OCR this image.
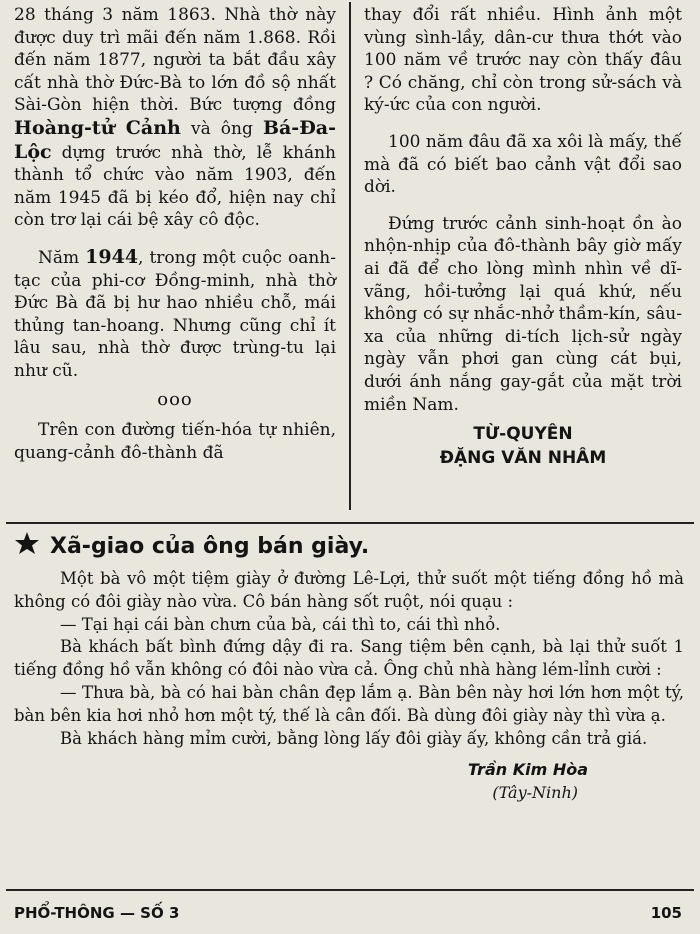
28 tháng 3 năm 1863. Nhà thờ này được duy trì mãi đến năm 1.868. Rồi đến năm 1877, người ta bắt đầu xây cất nhà thờ Đức-Bà to lớn đồ sộ nhất Sài-Gòn hiện thời. Bức tượng đồng Hoàng-tử Cảnh và ông Bá-Đa-Lộc dựng trước nhà thờ, lễ khánh thành tổ chức vào năm 1903, đến năm 1945 đã bị kéo đổ, hiện nay chỉ còn trơ lại cái bệ xây cô độc.

Năm 1944, trong một cuộc oanh-tạc của phi-cơ Đồng-minh, nhà thờ Đức Bà đã bị hư hao nhiều chỗ, mái thủng tan-hoang. Nhưng cũng chỉ ít lâu sau, nhà thờ được trùng-tu lại như cũ.

ooo

Trên con đường tiến-hóa tự nhiên, quang-cảnh đô-thành đã

thay đổi rất nhiều. Hình ảnh một vùng sình-lầy, dân-cư thưa thớt vào 100 năm về trước nay còn thấy đâu ? Có chăng, chỉ còn trong sử-sách và ký-ức của con người.

100 năm đâu đã xa xôi là mấy, thế mà đã có biết bao cảnh vật đổi sao dời.

Đứng trước cảnh sinh-hoạt ồn ào nhộn-nhịp của đô-thành bây giờ mấy ai đã để cho lòng mình nhìn về dĩ-vãng, hồi-tưởng lại quá khứ, nếu không có sự nhắc-nhở thầm-kín, sâu-xa của những di-tích lịch-sử ngày ngày vẫn phơi gan cùng cát bụi, dưới ánh nắng gay-gắt của mặt trời miền Nam.

TỪ-QUYÊN
ĐẶNG VĂN NHÂM
Xã-giao của ông bán giày.

Một bà vô một tiệm giày ở đường Lê-Lợi, thử suốt một tiếng đồng hồ mà không có đôi giày nào vừa. Cô bán hàng sốt ruột, nói quạu :

— Tại hại cái bàn chưn của bà, cái thì to, cái thì nhỏ.

Bà khách bất bình đứng dậy đi ra. Sang tiệm bên cạnh, bà lại thử suốt 1 tiếng đồng hồ vẫn không có đôi nào vừa cả. Ông chủ nhà hàng lém-lỉnh cười :

— Thưa bà, bà có hai bàn chân đẹp lắm ạ. Bàn bên này hơi lớn hơn một tý, bàn bên kia hơi nhỏ hơn một tý, thế là cân đối. Bà dùng đôi giày này thì vừa ạ.

Bà khách hàng mỉm cười, bằng lòng lấy đôi giày ấy, không cần trả giá.

Trần Kim Hòa
(Tây-Ninh)
PHỔ-THÔNG — SỐ 3	105
